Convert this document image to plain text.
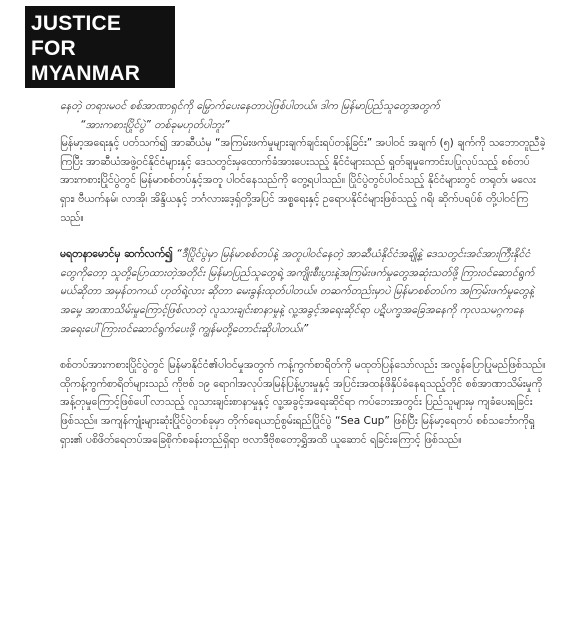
JUSTICE
FOR
MYANMAR

နေတဲ့ တရားမဝင် စစ်အာဏာရှင်ကို မြှောက်ပေးနေတာပဲဖြစ်ပါတယ်။ ဒါက မြန်မာပြည်သူတွေအတွက်

“အားကစားပြိုင်ပွဲ” တစ်ခုမဟုတ်ပါဘူး”

မြန်မာ့အရေးနှင့် ပတ်သက်၍ အာဆီယံမှ “အကြမ်းဖက်မှုများချက်ချင်းရပ်တန့်ခြင်း” အပါဝင် အချက် (၅) ချက်ကို သဘောတူညီခဲ့ကြပြီး အာဆီယံအဖွဲ့ဝင်နိုင်ငံများနှင့် ဒေသတွင်းမှထောက်ခံအားပေးသည့် နိုင်ငံများသည် ရှုတ်ချမှုကောင်းပပြုလုပ်သည့် စစ်တပ်အားကစားပြိုင်ပွဲတွင် မြန်မာစစ်တပ်နှင့်အတူ ပါဝင်နေသည်ကို တွေ့ရပါသည်။ ပြိုင်ပွဲတွင်ပါဝင်သည့် နိုင်ငံများတွင် တရုတ်၊ မလေးရှား၊ ဗီယက်နမ်၊ လာအို၊ အိန္ဒိယနှင့် ဘင်္ဂလားဒေ့ရှ်တို့အပြင် အစ္စရေးနှင့် ဥရောပနိုင်ငံများဖြစ်သည့် ဂရိ၊ ဆိုက်ပရပ်စ် တို့ပါဝင်ကြသည်။

မရတနာမောင်မှ ဆက်လက်၍ “ဒီပြိုင်ပွဲမှာ မြန်မာစစ်တပ်နဲ့ အတူပါဝင်နေတဲ့ အာဆီယံနိုင်ငံအချို့နဲ့ ဒေသတွင်းအင်အားကြီးနိုင်ငံတွေကိုတော့ သူတို့ပြောထားတဲ့အတိုင်း မြန်မာပြည်သူတွေရဲ့ အကျိုးစီးပွားနဲ့အကြမ်းဖက်မှုတွေအဆုံးသတ်ဖို့ ကြားဝင်ဆောင်ရွက်မယ်ဆိုတာ အမှန်တကယ် ဟုတ်ရဲ့လား ဆိုတာ မေးခွန်းထုတ်ပါတယ်။ တဆက်တည်းမှာပဲ မြန်မာစစ်တပ်က အကြမ်းဖက်မှုတွေနဲ့ အမှေ့ အာဏာသိမ်းမှုကြောင့်ဖြစ်လာတဲ့ လူသားချင်းစာနာမှုနဲ့ လူ့အခွင့်အရေးဆိုင်ရာ ပဋိပက္ခအခြေအနေကို ကုလသမဂ္ဂကနေ အရေးပေါ်ကြားဝင်ဆောင်ရွက်ပေးဖို့ ကျွန်မတို့တောင်းဆိုပါတယ်။”

စစ်တပ်အားကစားပြိုင်ပွဲတွင် မြန်မာနိုင်ငံ၏ပါဝင်မှုအတွက် ကန့်ကွက်စာရိတ်ကို မထုတ်ပြန်သော်လည်း အလွန်ပြောပြုမည်ဖြစ်သည်။ ထိုကန့်ကွက်စာရိတ်များသည် ကိုဗစ် ၁၉ ရောဂါအလုပ်အမြန်ပြန့်ပွားမှုနှင့် အပြင်းအထန်ဖိနှိပ်ခံနေရသည့်တိုင် စစ်အာဏာသိမ်းမှုကို အန့်တုမှုကြောင့်ဖြစ်ပေါ်လာသည့် လူသားချင်းစာနာမှုနှင့် လူ့အခွင့်အရေးဆိုင်ရာ ကပ်ဘေးအတွင်း ပြည်သူများမှ ကျခံပေးရခြင်းဖြစ်သည်။ အကျန်ကျုံးများဆုံးပြိုင်ပွဲတစ်ခုမှာ တိုက်ရေယာဉ်စွမ်းရည်ပြိုင်ပွဲ “Sea Cup” ဖြစ်ပြီး မြန်မာ့ရေတပ် စစ်သင်္ဘောကိုရှုရှား၏ ပစိဖိတ်ရေတပ်အခြေစိုက်စခန်းတည်ရှိရာ ဗလာဒီဗိုစတော့ရွှိအထိ ယူဆောင် ရခြင်းကြောင့် ဖြစ်သည်။
